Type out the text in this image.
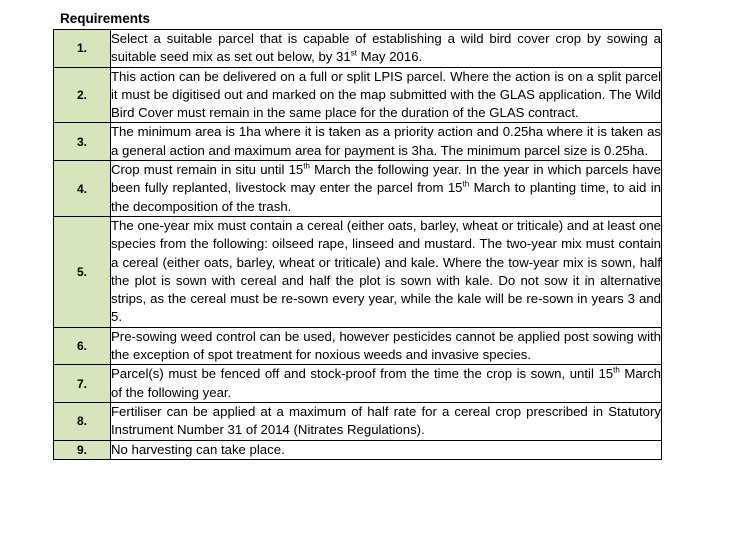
Requirements
1.	Select a suitable parcel that is capable of establishing a wild bird cover crop by sowing a suitable seed mix as set out below, by 31st May 2016.
2.	This action can be delivered on a full or split LPIS parcel. Where the action is on a split parcel it must be digitised out and marked on the map submitted with the GLAS application. The Wild Bird Cover must remain in the same place for the duration of the GLAS contract.
3.	The minimum area is 1ha where it is taken as a priority action and 0.25ha where it is taken as a general action and maximum area for payment is 3ha. The minimum parcel size is 0.25ha.
4.	Crop must remain in situ until 15th March the following year. In the year in which parcels have been fully replanted, livestock may enter the parcel from 15th March to planting time, to aid in the decomposition of the trash.
5.	The one-year mix must contain a cereal (either oats, barley, wheat or triticale) and at least one species from the following: oilseed rape, linseed and mustard. The two-year mix must contain a cereal (either oats, barley, wheat or triticale) and kale. Where the tow-year mix is sown, half the plot is sown with cereal and half the plot is sown with kale. Do not sow it in alternative strips, as the cereal must be re-sown every year, while the kale will be re-sown in years 3 and 5.
6.	Pre-sowing weed control can be used, however pesticides cannot be applied post sowing with the exception of spot treatment for noxious weeds and invasive species.
7.	Parcel(s) must be fenced off and stock-proof from the time the crop is sown, until 15th March of the following year.
8.	Fertiliser can be applied at a maximum of half rate for a cereal crop prescribed in Statutory Instrument Number 31 of 2014 (Nitrates Regulations).
9.	No harvesting can take place.
